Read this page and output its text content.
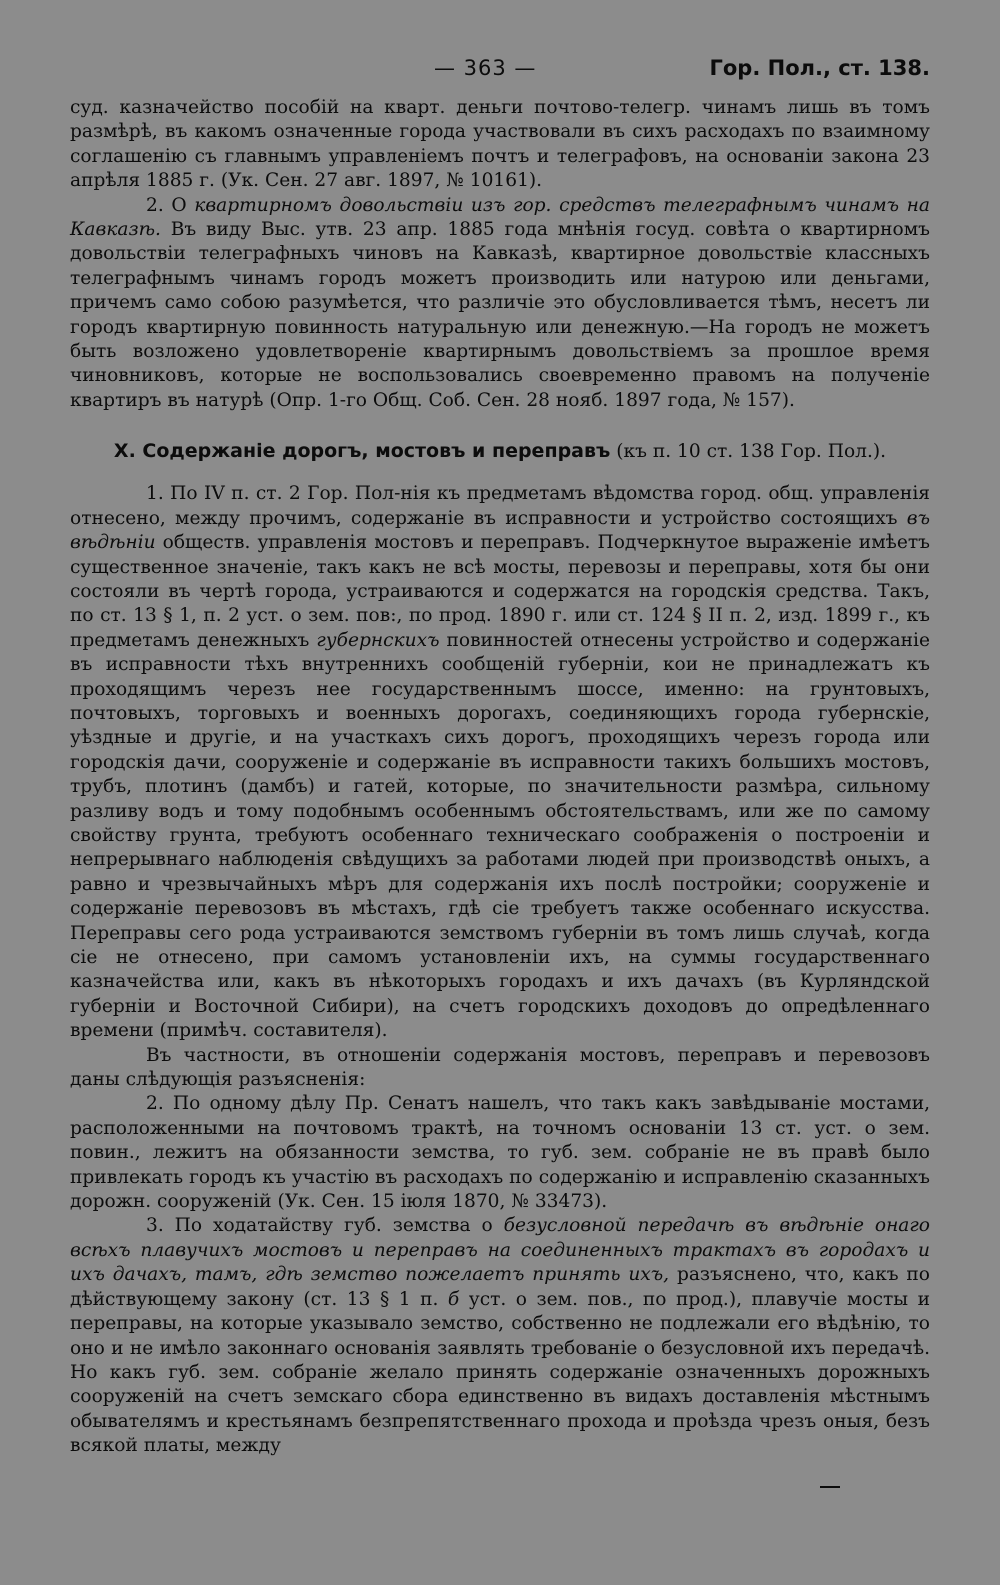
— 363 —	Гор. Пол., ст. 138.

суд. казначейство пособій на кварт. деньги почтово-телегр. чинамъ лишь въ томъ размѣрѣ, въ какомъ означенные города участвовали въ сихъ расходахъ по взаимному соглашенію съ главнымъ управленіемъ почтъ и телеграфовъ, на основаніи закона 23 апрѣля 1885 г. (Ук. Сен. 27 авг. 1897, № 10161).

2. О квартирномъ довольствіи изъ гор. средствъ телеграфнымъ чинамъ на Кавказѣ. Въ виду Выс. утв. 23 апр. 1885 года мнѣнія госуд. совѣта о квартирномъ довольствіи телеграфныхъ чиновъ на Кавказѣ, квартирное довольствіе классныхъ телеграфнымъ чинамъ городъ можетъ производить или натурою или деньгами, причемъ само собою разумѣется, что различіе это обусловливается тѣмъ, несетъ ли городъ квартирную повинность натуральную или денежную.—На городъ не можетъ быть возложено удовлетвореніе квартирнымъ довольствіемъ за прошлое время чиновниковъ, которые не воспользовались своевременно правомъ на полученіе квартиръ въ натурѣ (Опр. 1-го Общ. Соб. Сен. 28 нояб. 1897 года, № 157).

X. Содержаніе дорогъ, мостовъ и переправъ (къ п. 10 ст. 138 Гор. Пол.).

1. По IV п. ст. 2 Гор. Пол-нія къ предметамъ вѣдомства город. общ. управленія отнесено, между прочимъ, содержаніе въ исправности и устройство состоящихъ въ вѣдѣніи обществ. управленія мостовъ и переправъ. Подчеркнутое выраженіе имѣетъ существенное значеніе, такъ какъ не всѣ мосты, перевозы и переправы, хотя бы они состояли въ чертѣ города, устраиваются и содержатся на городскія средства. Такъ, по ст. 13 § 1, п. 2 уст. о зем. пов:, по прод. 1890 г. или ст. 124 § II п. 2, изд. 1899 г., къ предметамъ денежныхъ губернскихъ повинностей отнесены устройство и содержаніе въ исправности тѣхъ внутреннихъ сообщеній губерніи, кои не принадлежатъ къ проходящимъ черезъ нее государственнымъ шоссе, именно: на грунтовыхъ, почтовыхъ, торговыхъ и военныхъ дорогахъ, соединяющихъ города губернскіе, уѣздные и другіе, и на участкахъ сихъ дорогъ, проходящихъ черезъ города или городскія дачи, сооруженіе и содержаніе въ исправности такихъ большихъ мостовъ, трубъ, плотинъ (дамбъ) и гатей, которые, по значительности размѣра, сильному разливу водъ и тому подобнымъ особеннымъ обстоятельствамъ, или же по самому свойству грунта, требуютъ особеннаго техническаго соображенія о построеніи и непрерывнаго наблюденія свѣдущихъ за работами людей при производствѣ оныхъ, а равно и чрезвычайныхъ мѣръ для содержанія ихъ послѣ постройки; сооруженіе и содержаніе перевозовъ въ мѣстахъ, гдѣ сіе требуетъ также особеннаго искусства. Переправы сего рода устраиваются земствомъ губерніи въ томъ лишь случаѣ, когда сіе не отнесено, при самомъ установленіи ихъ, на суммы государственнаго казначейства или, какъ въ нѣкоторыхъ городахъ и ихъ дачахъ (въ Курляндской губерніи и Восточной Сибири), на счетъ городскихъ доходовъ до опредѣленнаго времени (примѣч. составителя).

Въ частности, въ отношеніи содержанія мостовъ, переправъ и перевозовъ даны слѣдующія разъясненія:

2. По одному дѣлу Пр. Сенатъ нашелъ, что такъ какъ завѣдываніе мостами, расположенными на почтовомъ трактѣ, на точномъ основаніи 13 ст. уст. о зем. повин., лежитъ на обязанности земства, то губ. зем. собраніе не въ правѣ было привлекать городъ къ участію въ расходахъ по содержанію и исправленію сказанныхъ дорожн. сооруженій (Ук. Сен. 15 іюля 1870, № 33473).

3. По ходатайству губ. земства о безусловной передачѣ въ вѣдѣніе онаго всѣхъ плавучихъ мостовъ и переправъ на соединенныхъ трактахъ въ городахъ и ихъ дачахъ, тамъ, гдѣ земство пожелаетъ принять ихъ, разъяснено, что, какъ по дѣйствующему закону (ст. 13 § 1 п. б уст. о зем. пов., по прод.), плавучіе мосты и переправы, на которые указывало земство, собственно не подлежали его вѣдѣнію, то оно и не имѣло законнаго основанія заявлять требованіе о безусловной ихъ передачѣ. Но какъ губ. зем. собраніе желало принять содержаніе означенныхъ дорожныхъ сооруженій на счетъ земскаго сбора единственно въ видахъ доставленія мѣстнымъ обывателямъ и крестьянамъ безпрепятственнаго прохода и проѣзда чрезъ оныя, безъ всякой платы, между
